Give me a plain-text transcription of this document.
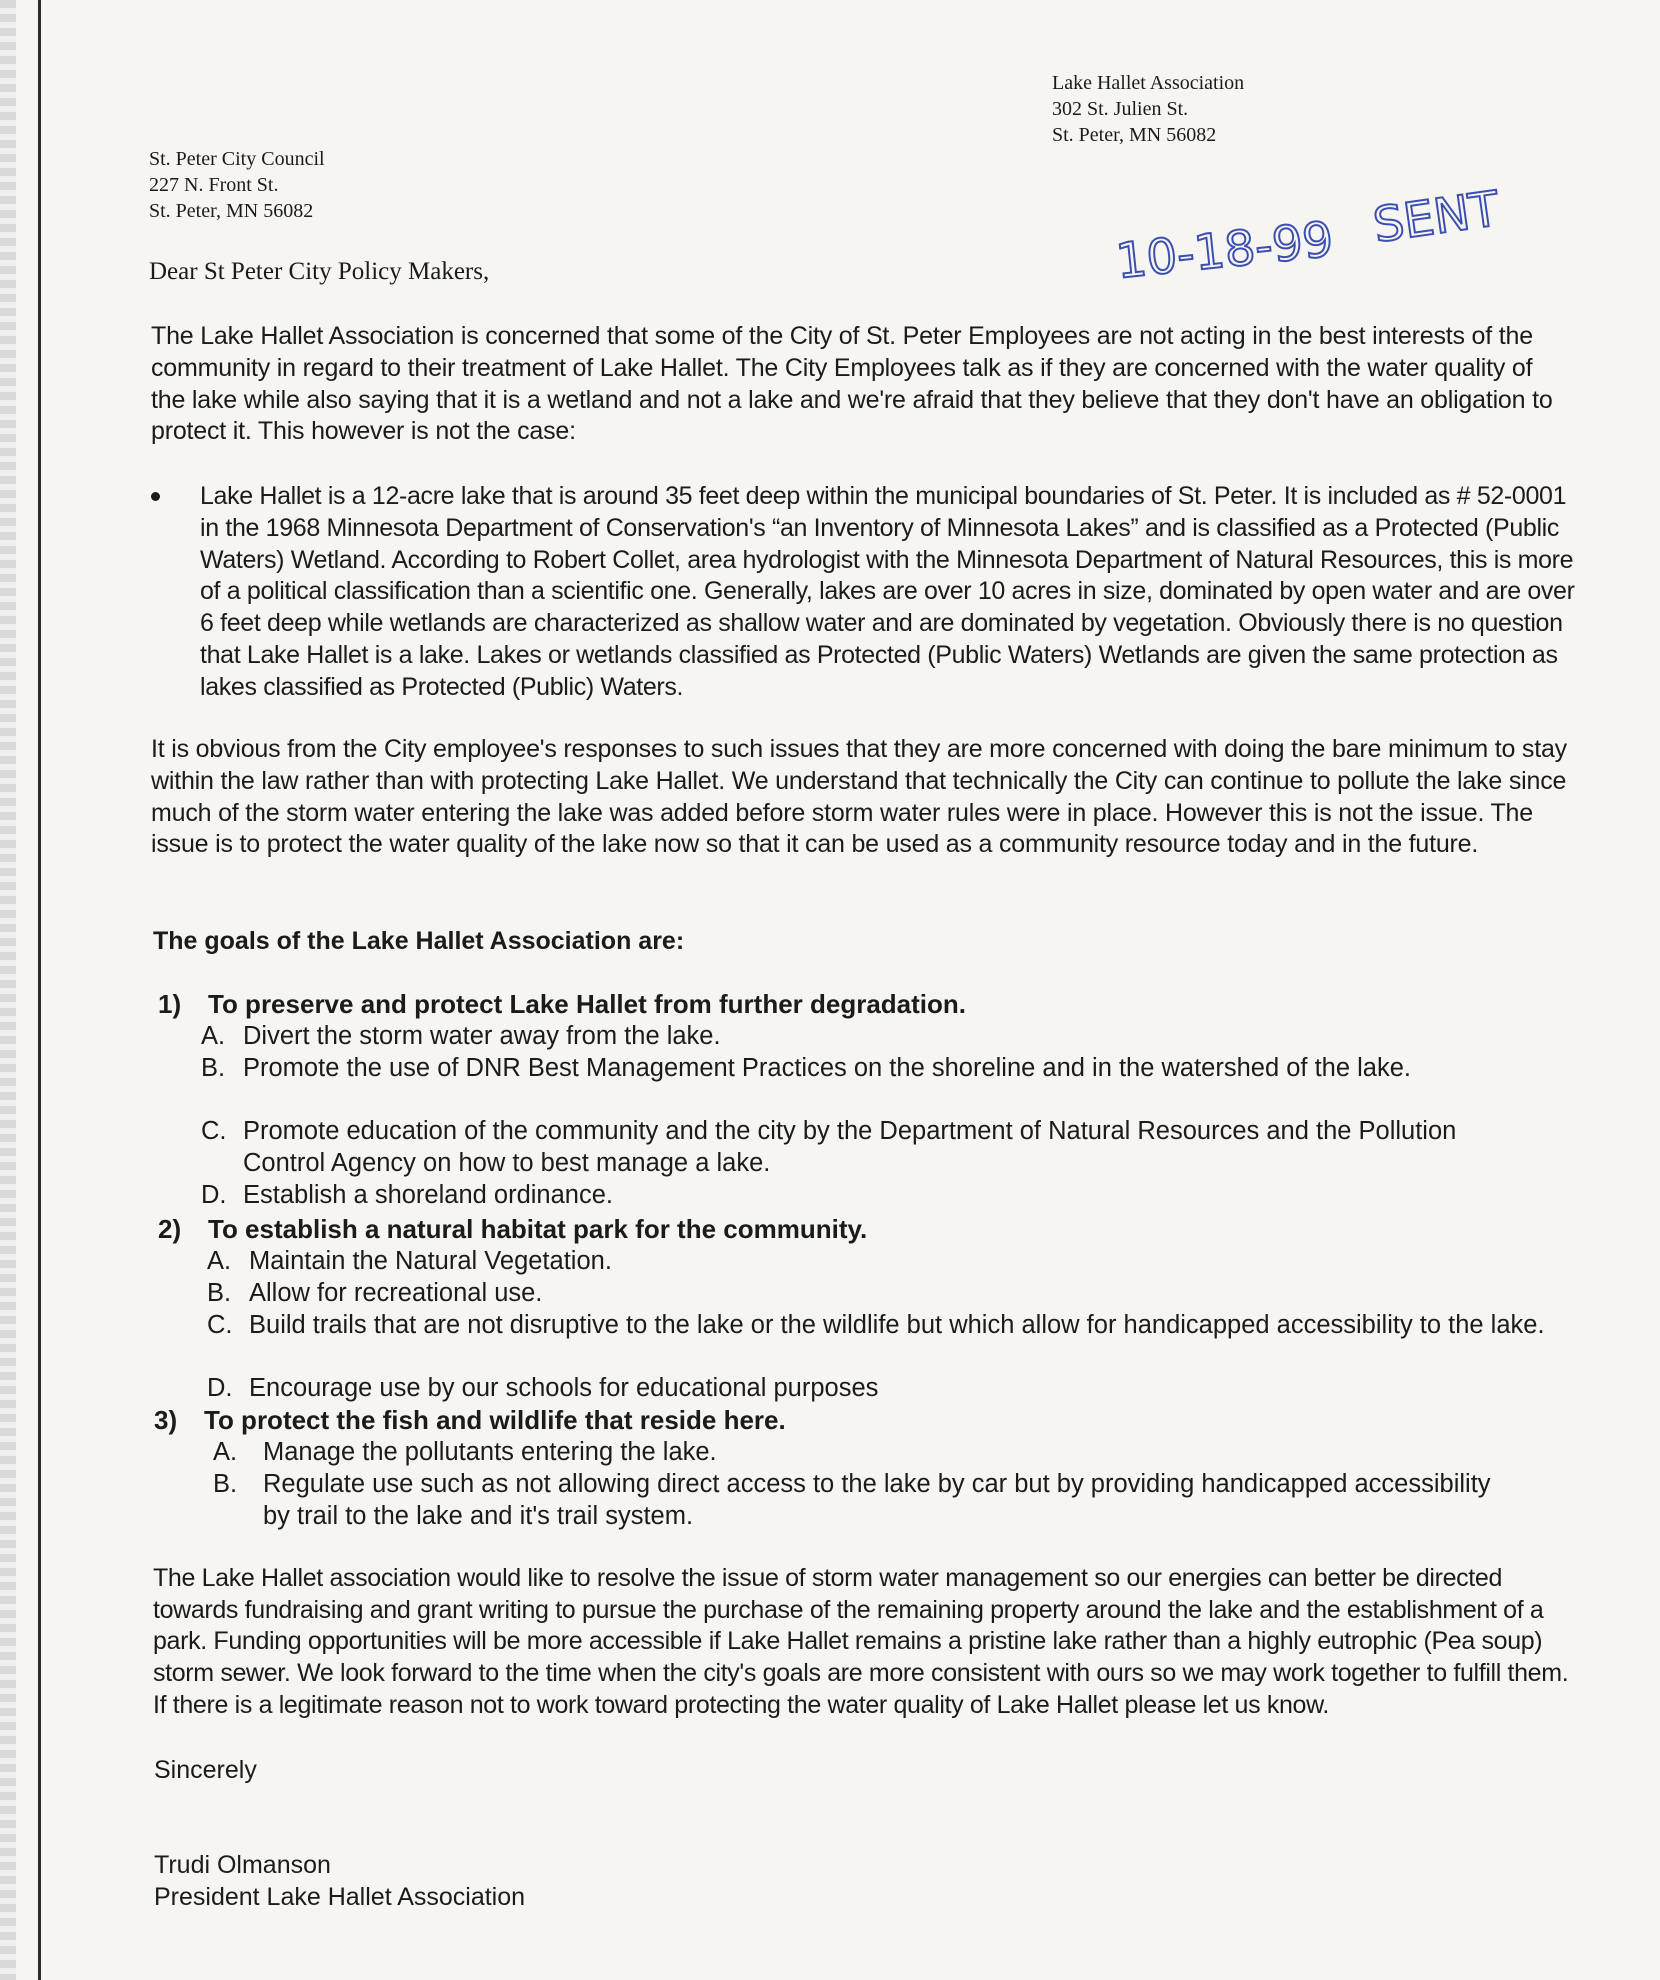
Lake Hallet Association
302 St. Julien St.
St. Peter, MN 56082
St. Peter City Council
227 N. Front St.
St. Peter, MN 56082
10-18-99 SENT
Dear St Peter City Policy Makers,

The Lake Hallet Association is concerned that some of the City of St. Peter Employees are not acting in the best interests of the community in regard to their treatment of Lake Hallet. The City Employees talk as if they are concerned with the water quality of the lake while also saying that it is a wetland and not a lake and we're afraid that they believe that they don't have an obligation to protect it. This however is not the case:

Lake Hallet is a 12-acre lake that is around 35 feet deep within the municipal boundaries of St. Peter. It is included as # 52-0001 in the 1968 Minnesota Department of Conservation's “an Inventory of Minnesota Lakes” and is classified as a Protected (Public Waters) Wetland. According to Robert Collet, area hydrologist with the Minnesota Department of Natural Resources, this is more of a political classification than a scientific one. Generally, lakes are over 10 acres in size, dominated by open water and are over 6 feet deep while wetlands are characterized as shallow water and are dominated by vegetation. Obviously there is no question that Lake Hallet is a lake. Lakes or wetlands classified as Protected (Public Waters) Wetlands are given the same protection as lakes classified as Protected (Public) Waters.

It is obvious from the City employee's responses to such issues that they are more concerned with doing the bare minimum to stay within the law rather than with protecting Lake Hallet. We understand that technically the City can continue to pollute the lake since much of the storm water entering the lake was added before storm water rules were in place. However this is not the issue. The issue is to protect the water quality of the lake now so that it can be used as a community resource today and in the future.

The goals of the Lake Hallet Association are:
1) To preserve and protect Lake Hallet from further degradation.
A. Divert the storm water away from the lake.
B. Promote the use of DNR Best Management Practices on the shoreline and in the watershed of the lake.
C. Promote education of the community and the city by the Department of Natural Resources and the Pollution Control Agency on how to best manage a lake.
D. Establish a shoreland ordinance.
2) To establish a natural habitat park for the community.
A. Maintain the Natural Vegetation.
B. Allow for recreational use.
C. Build trails that are not disruptive to the lake or the wildlife but which allow for handicapped accessibility to the lake.
D. Encourage use by our schools for educational purposes
3) To protect the fish and wildlife that reside here.
A.	Manage the pollutants entering the lake.
B.	Regulate use such as not allowing direct access to the lake by car but by providing handicapped accessibility by trail to the lake and it's trail system.

The Lake Hallet association would like to resolve the issue of storm water management so our energies can better be directed towards fundraising and grant writing to pursue the purchase of the remaining property around the lake and the establishment of a park. Funding opportunities will be more accessible if Lake Hallet remains a pristine lake rather than a highly eutrophic (Pea soup) storm sewer. We look forward to the time when the city's goals are more consistent with ours so we may work together to fulfill them. If there is a legitimate reason not to work toward protecting the water quality of Lake Hallet please let us know.

Sincerely
Trudi Olmanson
President Lake Hallet Association
